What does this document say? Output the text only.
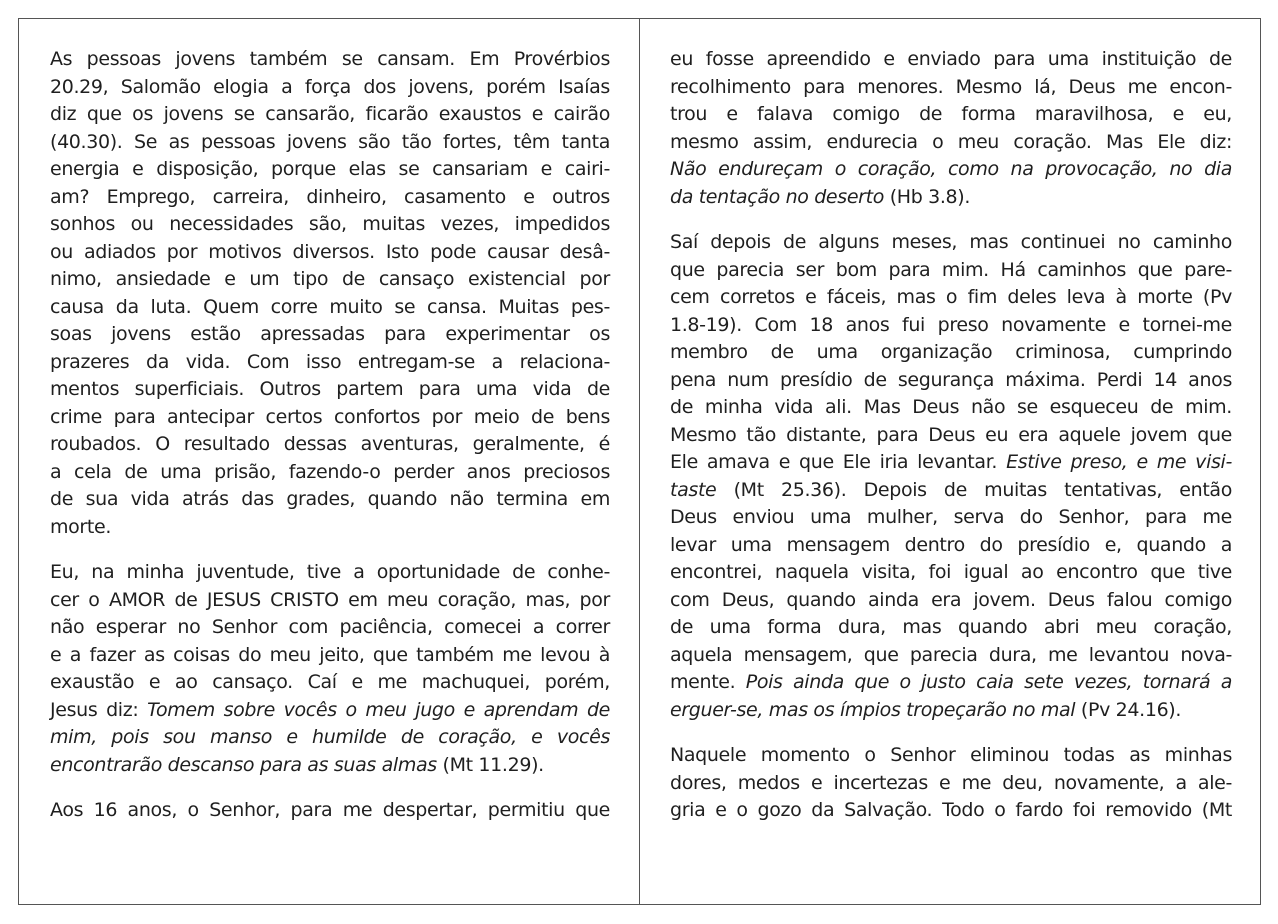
As pessoas jovens também se cansam. Em Provérbios
20.29, Salomão elogia a força dos jovens, porém Isaías
diz que os jovens se cansarão, ficarão exaustos e cairão
(40.30). Se as pessoas jovens são tão fortes, têm tanta
energia e disposição, porque elas se cansariam e cairi-
am? Emprego, carreira, dinheiro, casamento e outros
sonhos ou necessidades são, muitas vezes, impedidos
ou adiados por motivos diversos. Isto pode causar desâ-
nimo, ansiedade e um tipo de cansaço existencial por
causa da luta. Quem corre muito se cansa. Muitas pes-
soas jovens estão apressadas para experimentar os
prazeres da vida. Com isso entregam-se a relaciona-
mentos superficiais. Outros partem para uma vida de
crime para antecipar certos confortos por meio de bens
roubados. O resultado dessas aventuras, geralmente, é
a cela de uma prisão, fazendo-o perder anos preciosos
de sua vida atrás das grades, quando não termina em
morte.
Eu, na minha juventude, tive a oportunidade de conhe-
cer o AMOR de JESUS CRISTO em meu coração, mas, por
não esperar no Senhor com paciência, comecei a correr
e a fazer as coisas do meu jeito, que também me levou à
exaustão e ao cansaço. Caí e me machuquei, porém,
Jesus diz: Tomem sobre vocês o meu jugo e aprendam de
mim, pois sou manso e humilde de coração, e vocês
encontrarão descanso para as suas almas (Mt 11.29).
Aos 16 anos, o Senhor, para me despertar, permitiu que
eu fosse apreendido e enviado para uma instituição de
recolhimento para menores. Mesmo lá, Deus me encon-
trou e falava comigo de forma maravilhosa, e eu,
mesmo assim, endurecia o meu coração. Mas Ele diz:
Não endureçam o coração, como na provocação, no dia
da tentação no deserto (Hb 3.8).
Saí depois de alguns meses, mas continuei no caminho
que parecia ser bom para mim. Há caminhos que pare-
cem corretos e fáceis, mas o fim deles leva à morte (Pv
1.8-19). Com 18 anos fui preso novamente e tornei-me
membro de uma organização criminosa, cumprindo
pena num presídio de segurança máxima. Perdi 14 anos
de minha vida ali. Mas Deus não se esqueceu de mim.
Mesmo tão distante, para Deus eu era aquele jovem que
Ele amava e que Ele iria levantar. Estive preso, e me visi-
taste (Mt 25.36). Depois de muitas tentativas, então
Deus enviou uma mulher, serva do Senhor, para me
levar uma mensagem dentro do presídio e, quando a
encontrei, naquela visita, foi igual ao encontro que tive
com Deus, quando ainda era jovem. Deus falou comigo
de uma forma dura, mas quando abri meu coração,
aquela mensagem, que parecia dura, me levantou nova-
mente. Pois ainda que o justo caia sete vezes, tornará a
erguer-se, mas os ímpios tropeçarão no mal (Pv 24.16).
Naquele momento o Senhor eliminou todas as minhas
dores, medos e incertezas e me deu, novamente, a ale-
gria e o gozo da Salvação. Todo o fardo foi removido (Mt
